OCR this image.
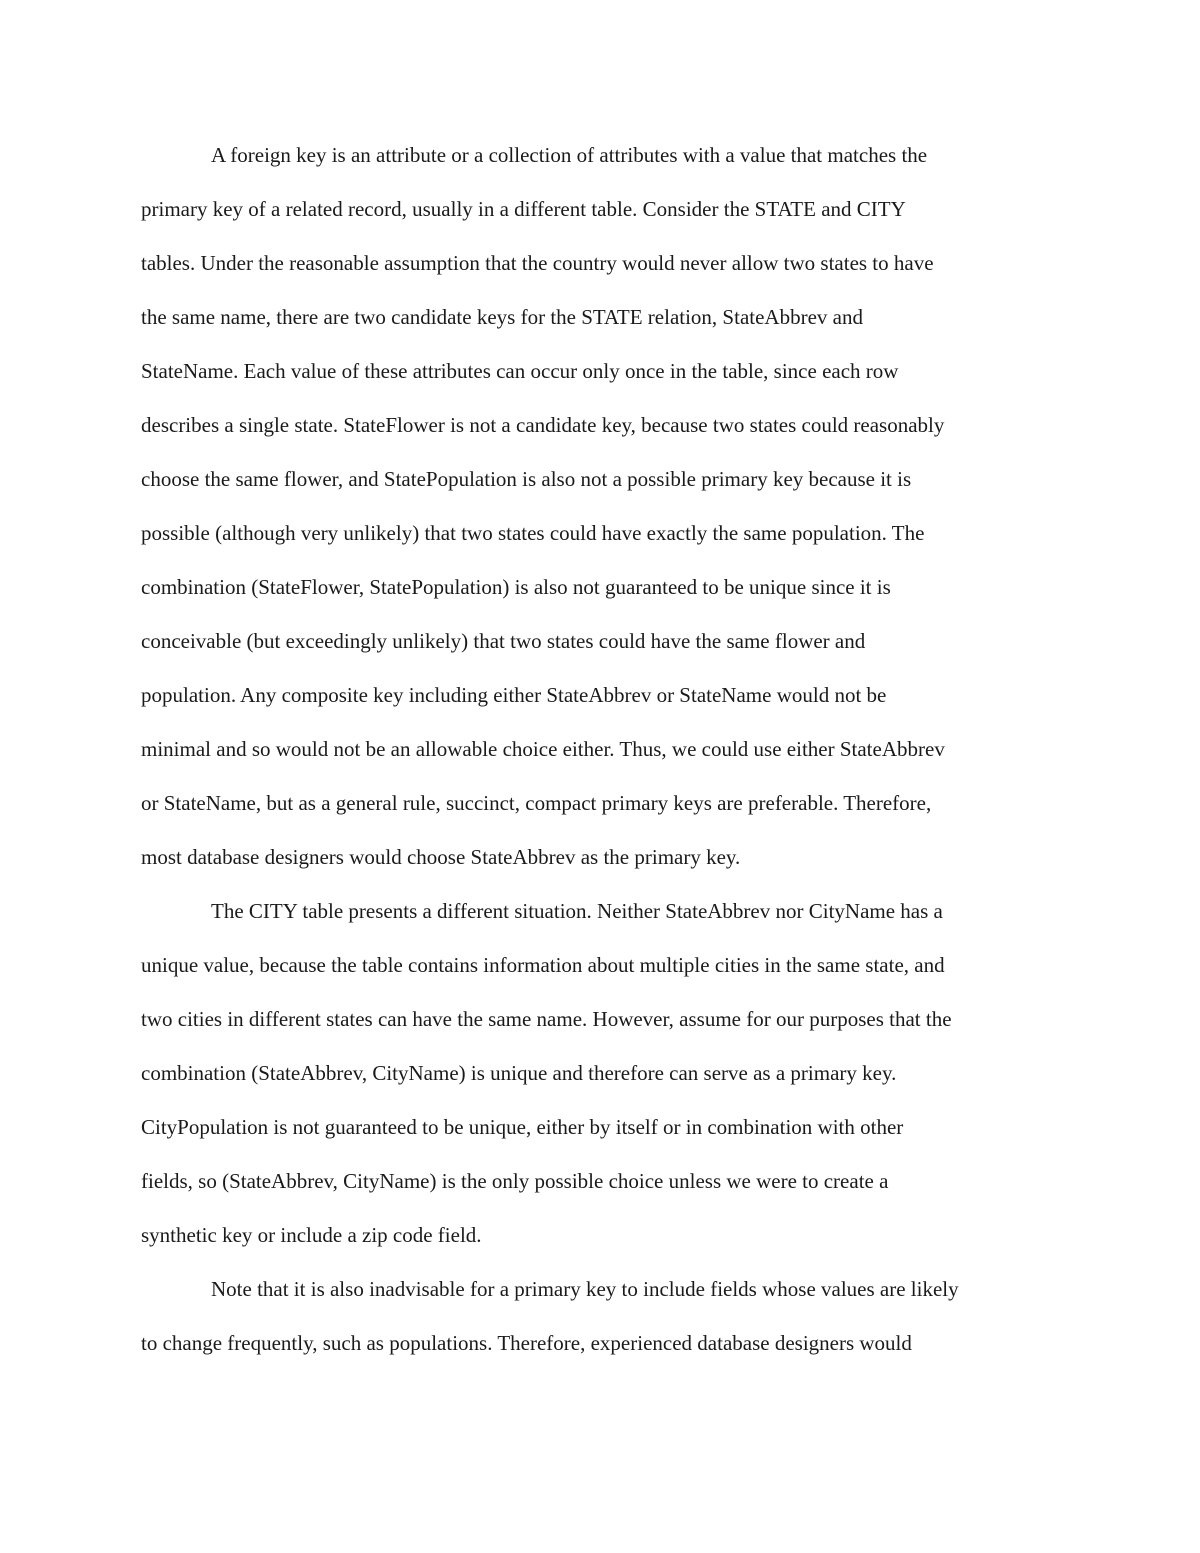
A foreign key is an attribute or a collection of attributes with a value that matches the
primary key of a related record, usually in a different table. Consider the STATE and CITY
tables. Under the reasonable assumption that the country would never allow two states to have
the same name, there are two candidate keys for the STATE relation, StateAbbrev and
StateName. Each value of these attributes can occur only once in the table, since each row
describes a single state. StateFlower is not a candidate key, because two states could reasonably
choose the same flower, and StatePopulation is also not a possible primary key because it is
possible (although very unlikely) that two states could have exactly the same population. The
combination (StateFlower, StatePopulation) is also not guaranteed to be unique since it is
conceivable (but exceedingly unlikely) that two states could have the same flower and
population. Any composite key including either StateAbbrev or StateName would not be
minimal and so would not be an allowable choice either. Thus, we could use either StateAbbrev
or StateName, but as a general rule, succinct, compact primary keys are preferable. Therefore,
most database designers would choose StateAbbrev as the primary key.
The CITY table presents a different situation. Neither StateAbbrev nor CityName has a
unique value, because the table contains information about multiple cities in the same state, and
two cities in different states can have the same name. However, assume for our purposes that the
combination (StateAbbrev, CityName) is unique and therefore can serve as a primary key.
CityPopulation is not guaranteed to be unique, either by itself or in combination with other
fields, so (StateAbbrev, CityName) is the only possible choice unless we were to create a
synthetic key or include a zip code field.
Note that it is also inadvisable for a primary key to include fields whose values are likely
to change frequently, such as populations. Therefore, experienced database designers would
